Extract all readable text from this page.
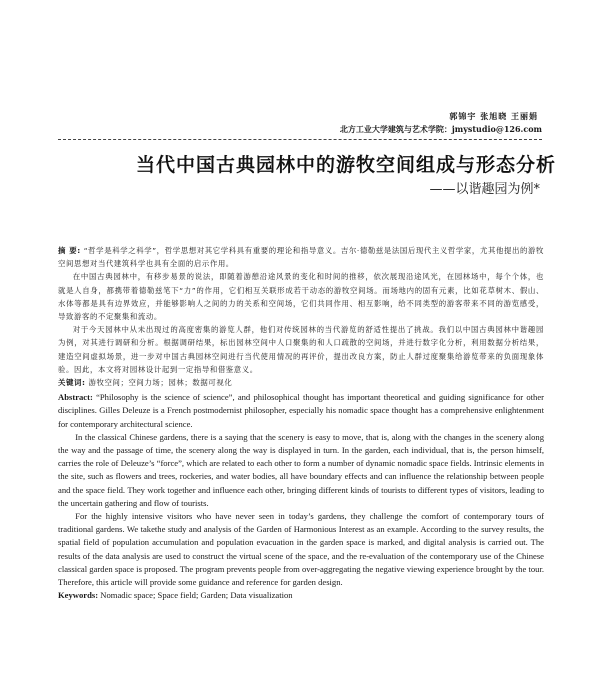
郭锦宇 张旭晓 王丽娟
北方工业大学建筑与艺术学院：jmystudio@126.com
当代中国古典园林中的游牧空间组成与形态分析
——以谐趣园为例*

摘 要: “哲学是科学之科学”，哲学思想对其它学科具有重要的理论和指导意义。吉尔·德勒兹是法国后现代主义哲学家，尤其他提出的游牧空间思想对当代建筑科学也具有全面的启示作用。

在中国古典园林中，有移步易景的说法，即随着游憩沿途风景的变化和时间的推移，依次展现沿途风光，在园林场中，每个个体，也就是人自身，都携带着德勒兹笔下“力”的作用，它们相互关联形成若干动态的游牧空间场。而场地内的固有元素，比如花草树木、假山、水体等都是具有边界效应，并能够影响人之间的力的关系和空间场，它们共同作用、相互影响，给不同类型的游客带来不同的游览感受，导致游客的不定聚集和流动。

对于今天园林中从未出现过的高度密集的游览人群，他们对传统园林的当代游览的舒适性提出了挑战。我们以中国古典园林中谐趣园为例，对其进行调研和分析。根据调研结果，标出园林空间中人口聚集的和人口疏散的空间场，并进行数字化分析，利用数据分析结果，建造空间虚拟场景，进一步对中国古典园林空间进行当代使用情况的再评价，提出改良方案，防止人群过度聚集给游览带来的负面现象体验。因此，本文将对园林设计起到一定指导和借鉴意义。

关键词: 游牧空间；空间力场；园林；数据可视化

Abstract: “Philosophy is the science of science”, and philosophical thought has important theoretical and guiding significance for other disciplines. Gilles Deleuze is a French postmodernist philosopher, especially his nomadic space thought has a comprehensive enlightenment for contemporary architectural science.

In the classical Chinese gardens, there is a saying that the scenery is easy to move, that is, along with the changes in the scenery along the way and the passage of time, the scenery along the way is displayed in turn. In the garden, each individual, that is, the person himself, carries the role of Deleuze’s “force”, which are related to each other to form a number of dynamic nomadic space fields. Intrinsic elements in the site, such as flowers and trees, rockeries, and water bodies, all have boundary effects and can influence the relationship between people and the space field. They work together and influence each other, bringing different kinds of tourists to different types of visitors, leading to the uncertain gathering and flow of tourists.

For the highly intensive visitors who have never seen in today’s gardens, they challenge the comfort of contemporary tours of traditional gardens. We takethe study and analysis of the Garden of Harmonious Interest as an example. According to the survey results, the spatial field of population accumulation and population evacuation in the garden space is marked, and digital analysis is carried out. The results of the data analysis are used to construct the virtual scene of the space, and the re-evaluation of the contemporary use of the Chinese classical garden space is proposed. The program prevents people from over-aggregating the negative viewing experience brought by the tour. Therefore, this article will provide some guidance and reference for garden design.

Keywords: Nomadic space; Space field; Garden; Data visualization
